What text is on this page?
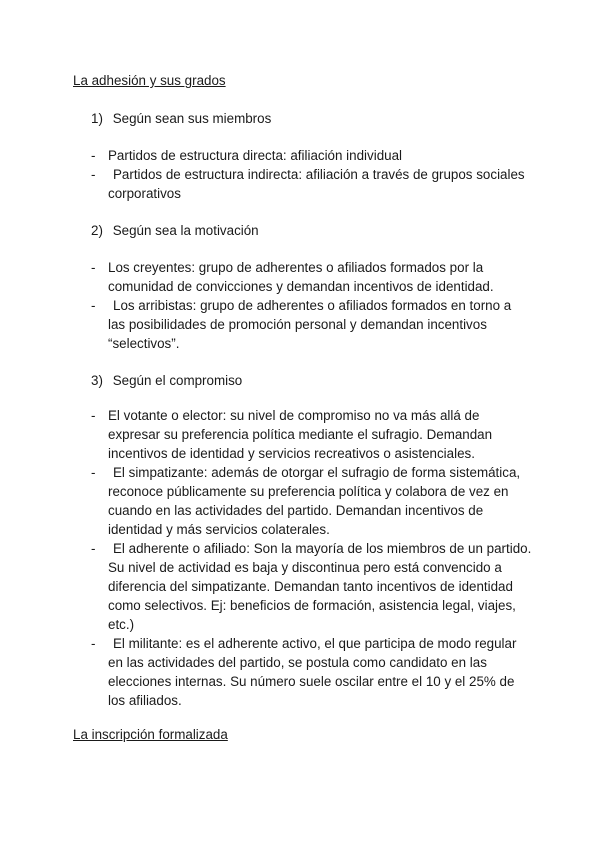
La adhesión y sus grados
1) Según sean sus miembros
- Partidos de estructura directa: afiliación individual
-	Partidos de estructura indirecta: afiliación a través de grupos sociales corporativos
2) Según sea la motivación
- Los creyentes: grupo de adherentes o afiliados formados por la comunidad de convicciones y demandan incentivos de identidad.
-	Los arribistas: grupo de adherentes o afiliados formados en torno a las posibilidades de promoción personal y demandan incentivos “selectivos”.
3) Según el compromiso
- El votante o elector: su nivel de compromiso no va más allá de expresar su preferencia política mediante el sufragio. Demandan incentivos de identidad y servicios recreativos o asistenciales.
-	El simpatizante: además de otorgar el sufragio de forma sistemática, reconoce públicamente su preferencia política y colabora de vez en cuando en las actividades del partido. Demandan incentivos de identidad y más servicios colaterales.
-	El adherente o afiliado: Son la mayoría de los miembros de un partido. Su nivel de actividad es baja y discontinua pero está convencido a diferencia del simpatizante. Demandan tanto incentivos de identidad como selectivos. Ej: beneficios de formación, asistencia legal, viajes, etc.)
-	El militante: es el adherente activo, el que participa de modo regular en las actividades del partido, se postula como candidato en las elecciones internas. Su número suele oscilar entre el 10 y el 25% de los afiliados.
La inscripción formalizada
